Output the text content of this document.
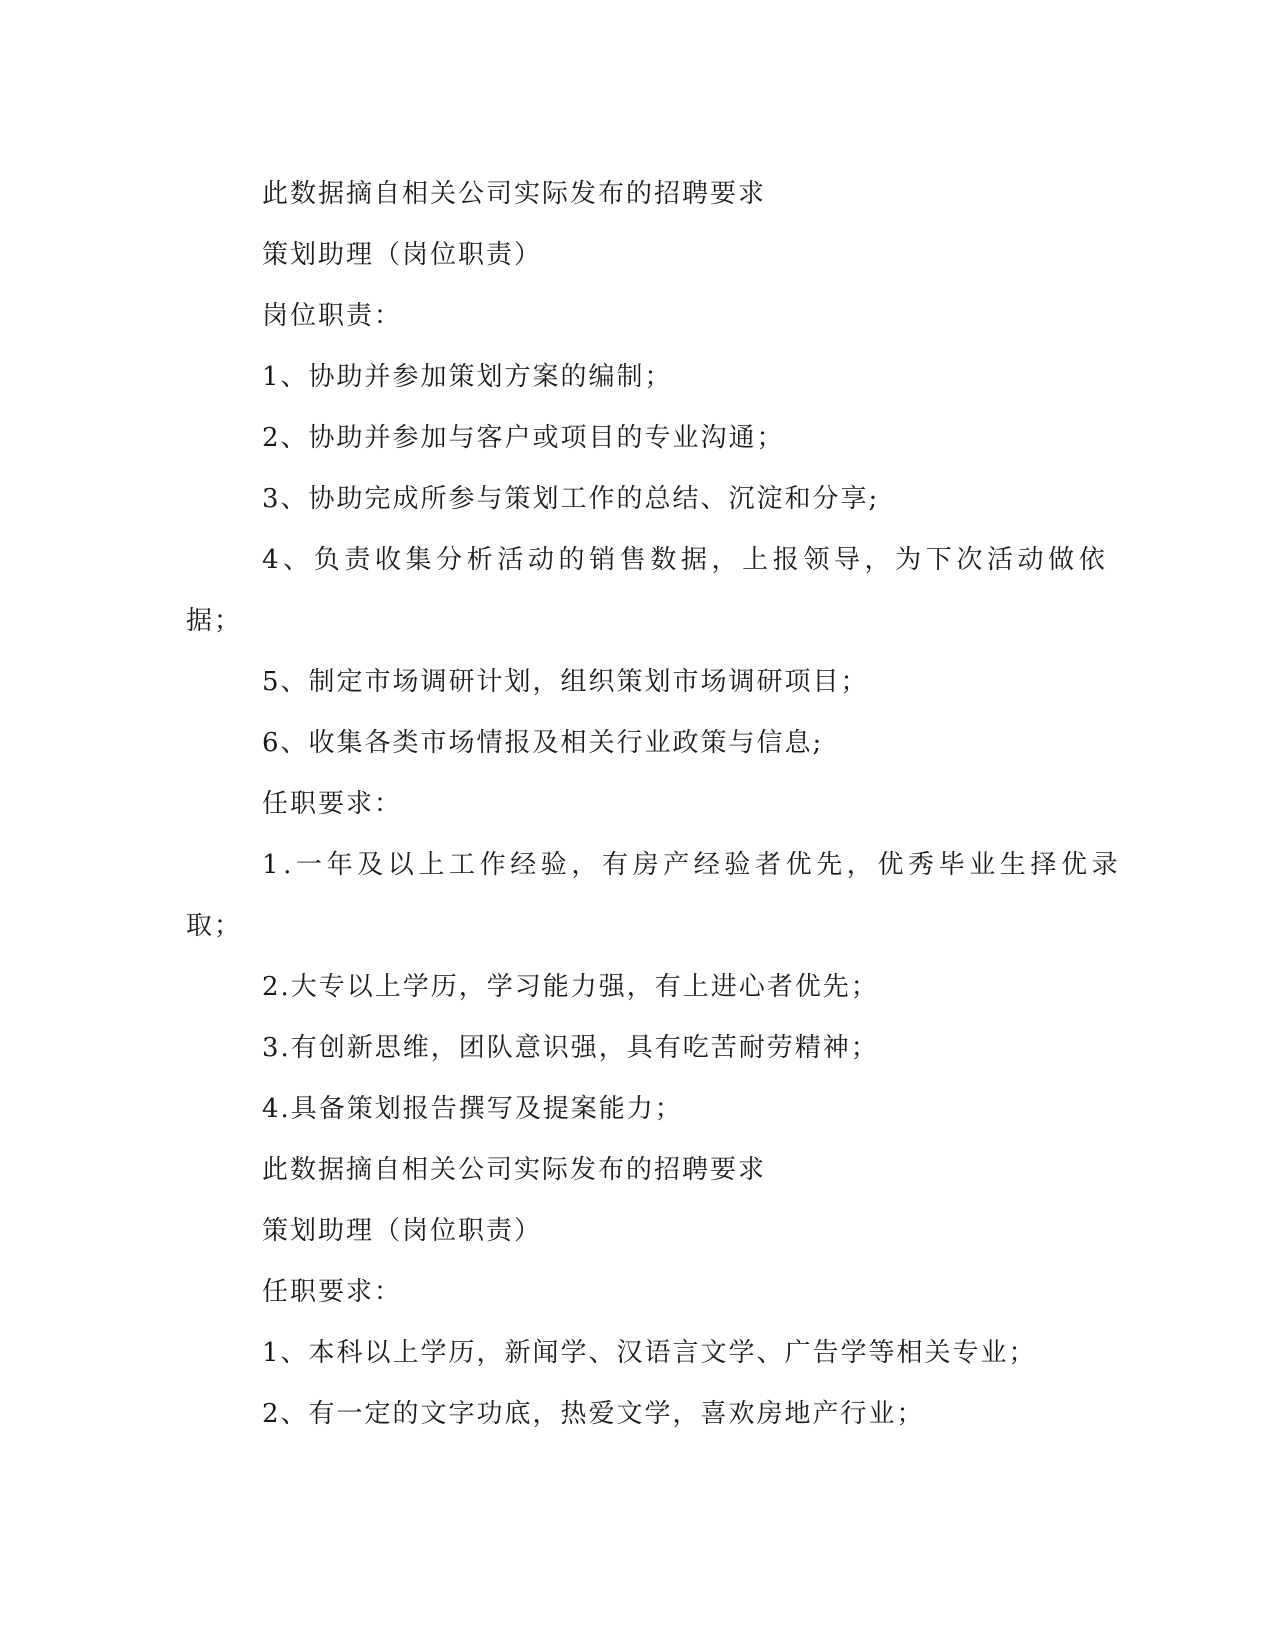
此数据摘自相关公司实际发布的招聘要求

策划助理（岗位职责）

岗位职责：

1、协助并参加策划方案的编制；

2、协助并参加与客户或项目的专业沟通；

3、协助完成所参与策划工作的总结、沉淀和分享;

4、负责收集分析活动的销售数据，上报领导，为下次活动做依

据；

5、制定市场调研计划，组织策划市场调研项目；

6、收集各类市场情报及相关行业政策与信息;

任职要求：

1.一年及以上工作经验，有房产经验者优先，优秀毕业生择优录

取；

2.大专以上学历，学习能力强，有上进心者优先；

3.有创新思维，团队意识强，具有吃苦耐劳精神；

4.具备策划报告撰写及提案能力；

此数据摘自相关公司实际发布的招聘要求

策划助理（岗位职责）

任职要求：

1、本科以上学历，新闻学、汉语言文学、广告学等相关专业；

2、有一定的文字功底，热爱文学，喜欢房地产行业；
